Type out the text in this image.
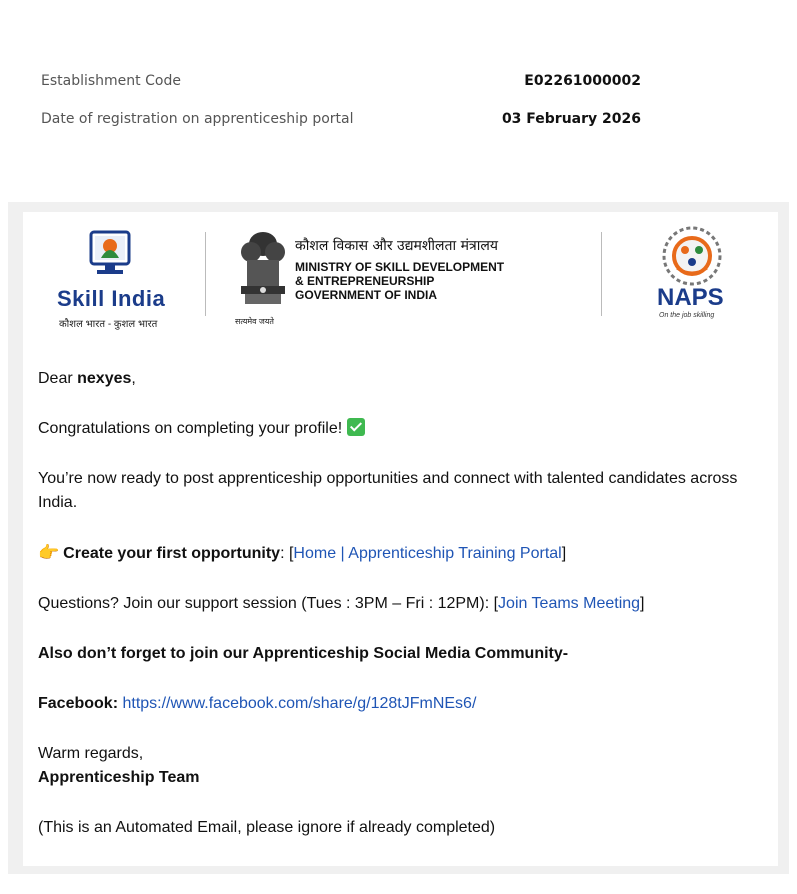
Establishment Code	E02261000002
Date of registration on apprenticeship portal	03 February 2026
Skill India
कौशल भारत - कुशल भारत
कौशल विकास और उद्यमशीलता मंत्रालय
MINISTRY OF SKILL DEVELOPMENT
& ENTREPRENEURSHIP
GOVERNMENT OF INDIA
सत्यमेव जयते
NAPS
On the job skilling

Dear nexyes,

Congratulations on completing your profile!

You’re now ready to post apprenticeship opportunities and connect with talented candidates across India.

👉 Create your first opportunity: [Home | Apprenticeship Training Portal]

Questions? Join our support session (Tues : 3PM – Fri : 12PM): [Join Teams Meeting]

Also don’t forget to join our Apprenticeship Social Media Community-

Facebook: https://www.facebook.com/share/g/128tJFmNEs6/

Warm regards,
Apprenticeship Team

(This is an Automated Email, please ignore if already completed)
